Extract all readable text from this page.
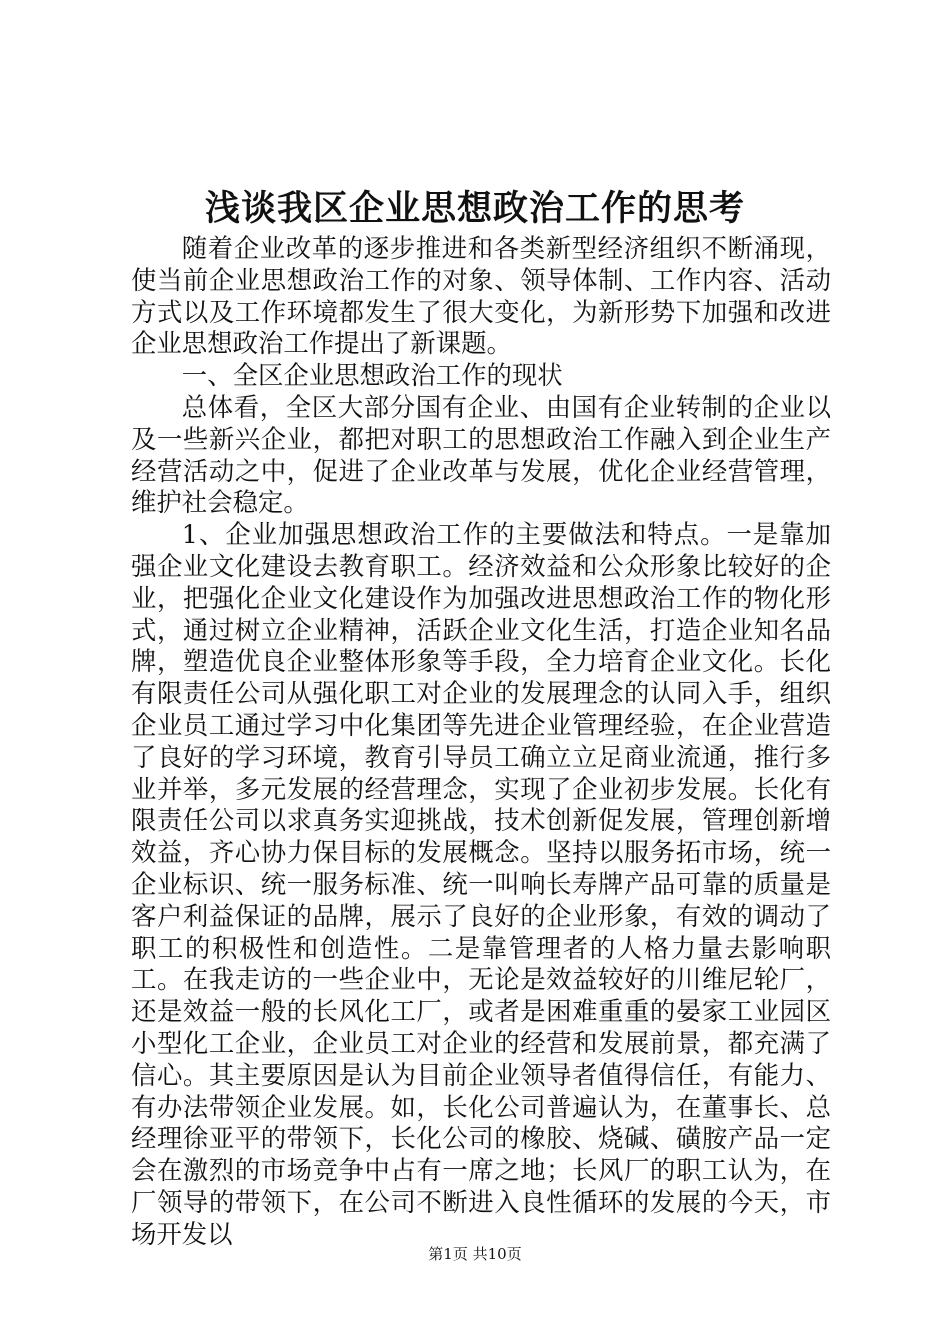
浅谈我区企业思想政治工作的思考

随着企业改革的逐步推进和各类新型经济组织不断涌现，使当前企业思想政治工作的对象、领导体制、工作内容、活动方式以及工作环境都发生了很大变化，为新形势下加强和改进企业思想政治工作提出了新课题。

一、全区企业思想政治工作的现状

总体看，全区大部分国有企业、由国有企业转制的企业以及一些新兴企业，都把对职工的思想政治工作融入到企业生产经营活动之中，促进了企业改革与发展，优化企业经营管理，维护社会稳定。

1、企业加强思想政治工作的主要做法和特点。一是靠加强企业文化建设去教育职工。经济效益和公众形象比较好的企业，把强化企业文化建设作为加强改进思想政治工作的物化形式，通过树立企业精神，活跃企业文化生活，打造企业知名品牌，塑造优良企业整体形象等手段，全力培育企业文化。长化有限责任公司从强化职工对企业的发展理念的认同入手，组织企业员工通过学习中化集团等先进企业管理经验，在企业营造了良好的学习环境，教育引导员工确立立足商业流通，推行多业并举，多元发展的经营理念，实现了企业初步发展。长化有限责任公司以求真务实迎挑战，技术创新促发展，管理创新增效益，齐心协力保目标的发展概念。坚持以服务拓市场，统一企业标识、统一服务标准、统一叫响长寿牌产品可靠的质量是客户利益保证的品牌，展示了良好的企业形象，有效的调动了职工的积极性和创造性。二是靠管理者的人格力量去影响职工。在我走访的一些企业中，无论是效益较好的川维尼轮厂，还是效益一般的长风化工厂，或者是困难重重的晏家工业园区小型化工企业，企业员工对企业的经营和发展前景，都充满了信心。其主要原因是认为目前企业领导者值得信任，有能力、有办法带领企业发展。如，长化公司普遍认为，在董事长、总经理徐亚平的带领下，长化公司的橡胶、烧碱、磺胺产品一定会在激烈的市场竞争中占有一席之地；长风厂的职工认为，在厂领导的带领下，在公司不断进入良性循环的发展的今天，市场开发以

第1页 共10页
